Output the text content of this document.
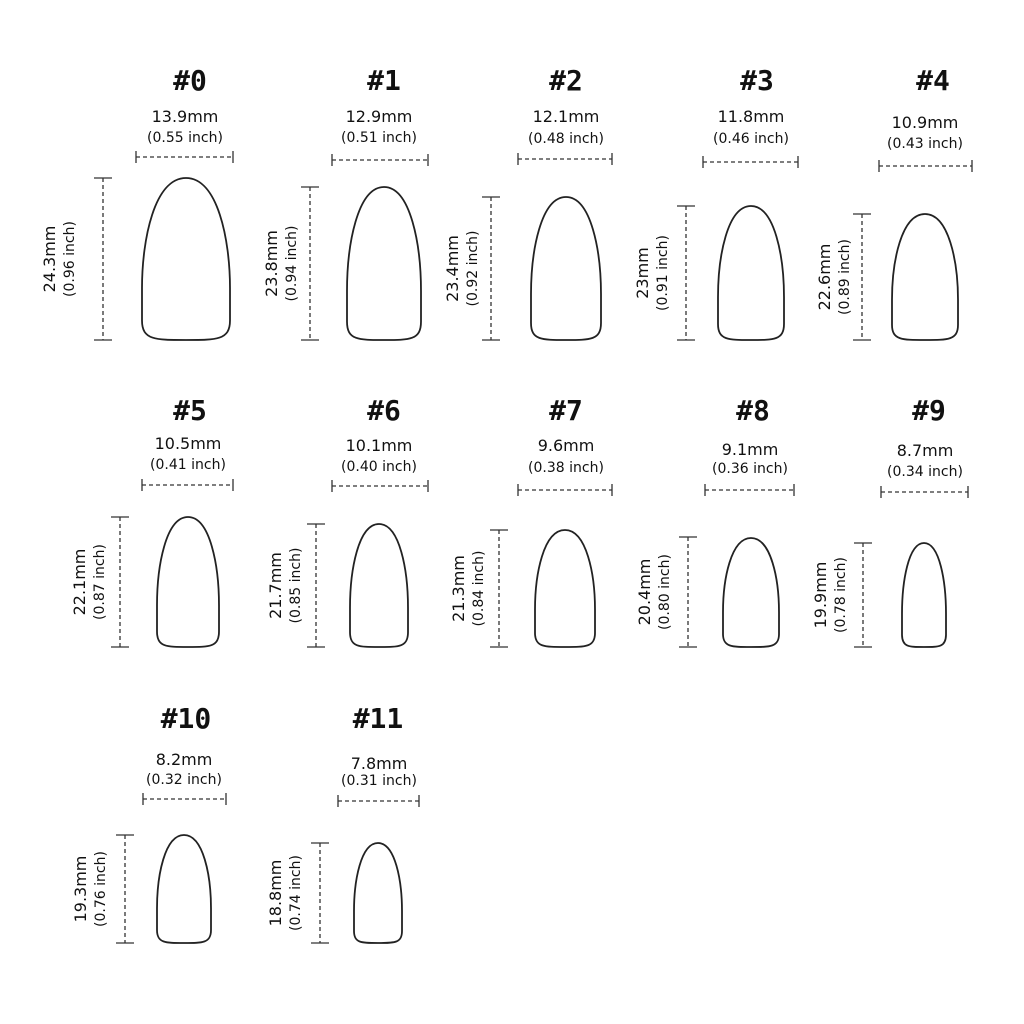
#0
13.9mm
(0.55 inch)
24.3mm (0.96 inch)
#1
12.9mm
(0.51 inch)
23.8mm (0.94 inch)
#2
12.1mm
(0.48 inch)
23.4mm (0.92 inch)
#3
11.8mm
(0.46 inch)
23mm (0.91 inch)
#4
10.9mm
(0.43 inch)
22.6mm (0.89 inch)
#5
10.5mm
(0.41 inch)
22.1mm (0.87 inch)
#6
10.1mm
(0.40 inch)
21.7mm (0.85 inch)
#7
9.6mm
(0.38 inch)
21.3mm (0.84 inch)
#8
9.1mm
(0.36 inch)
20.4mm (0.80 inch)
#9
8.7mm
(0.34 inch)
19.9mm (0.78 inch)
#10
8.2mm
(0.32 inch)
19.3mm (0.76 inch)
#11
7.8mm
(0.31 inch)
18.8mm (0.74 inch)
